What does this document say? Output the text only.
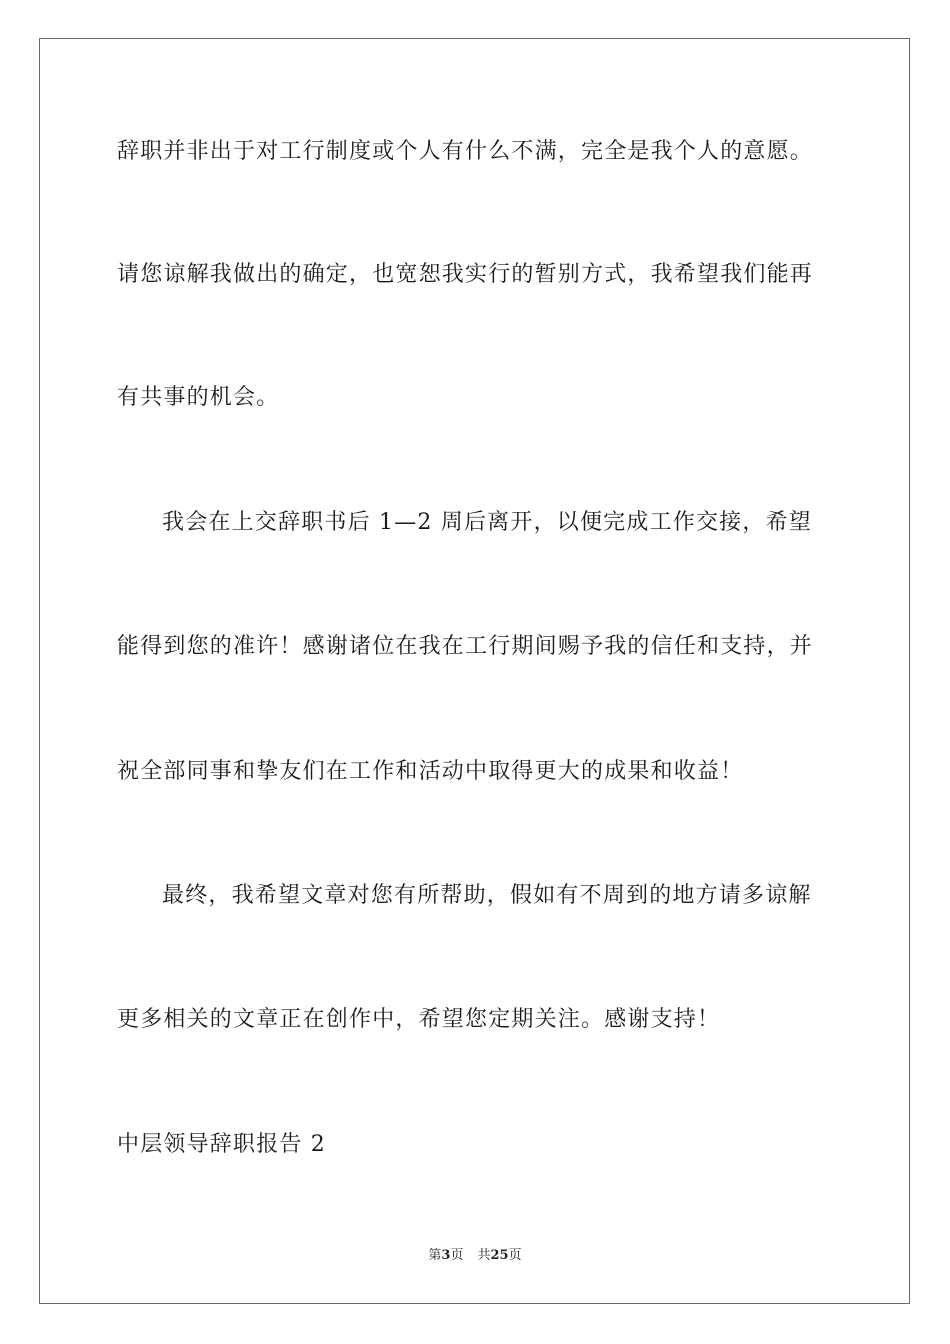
辞职并非出于对工行制度或个人有什么不满，完全是我个人的意愿。
请您谅解我做出的确定，也宽恕我实行的暂别方式，我希望我们能再
有共事的机会。
我会在上交辞职书后 1—2 周后离开，以便完成工作交接，希望
能得到您的准许！感谢诸位在我在工行期间赐予我的信任和支持，并
祝全部同事和挚友们在工作和活动中取得更大的成果和收益！
最终，我希望文章对您有所帮助，假如有不周到的地方请多谅解
更多相关的文章正在创作中，希望您定期关注。感谢支持！
中层领导辞职报告 2
第3页 共25页
